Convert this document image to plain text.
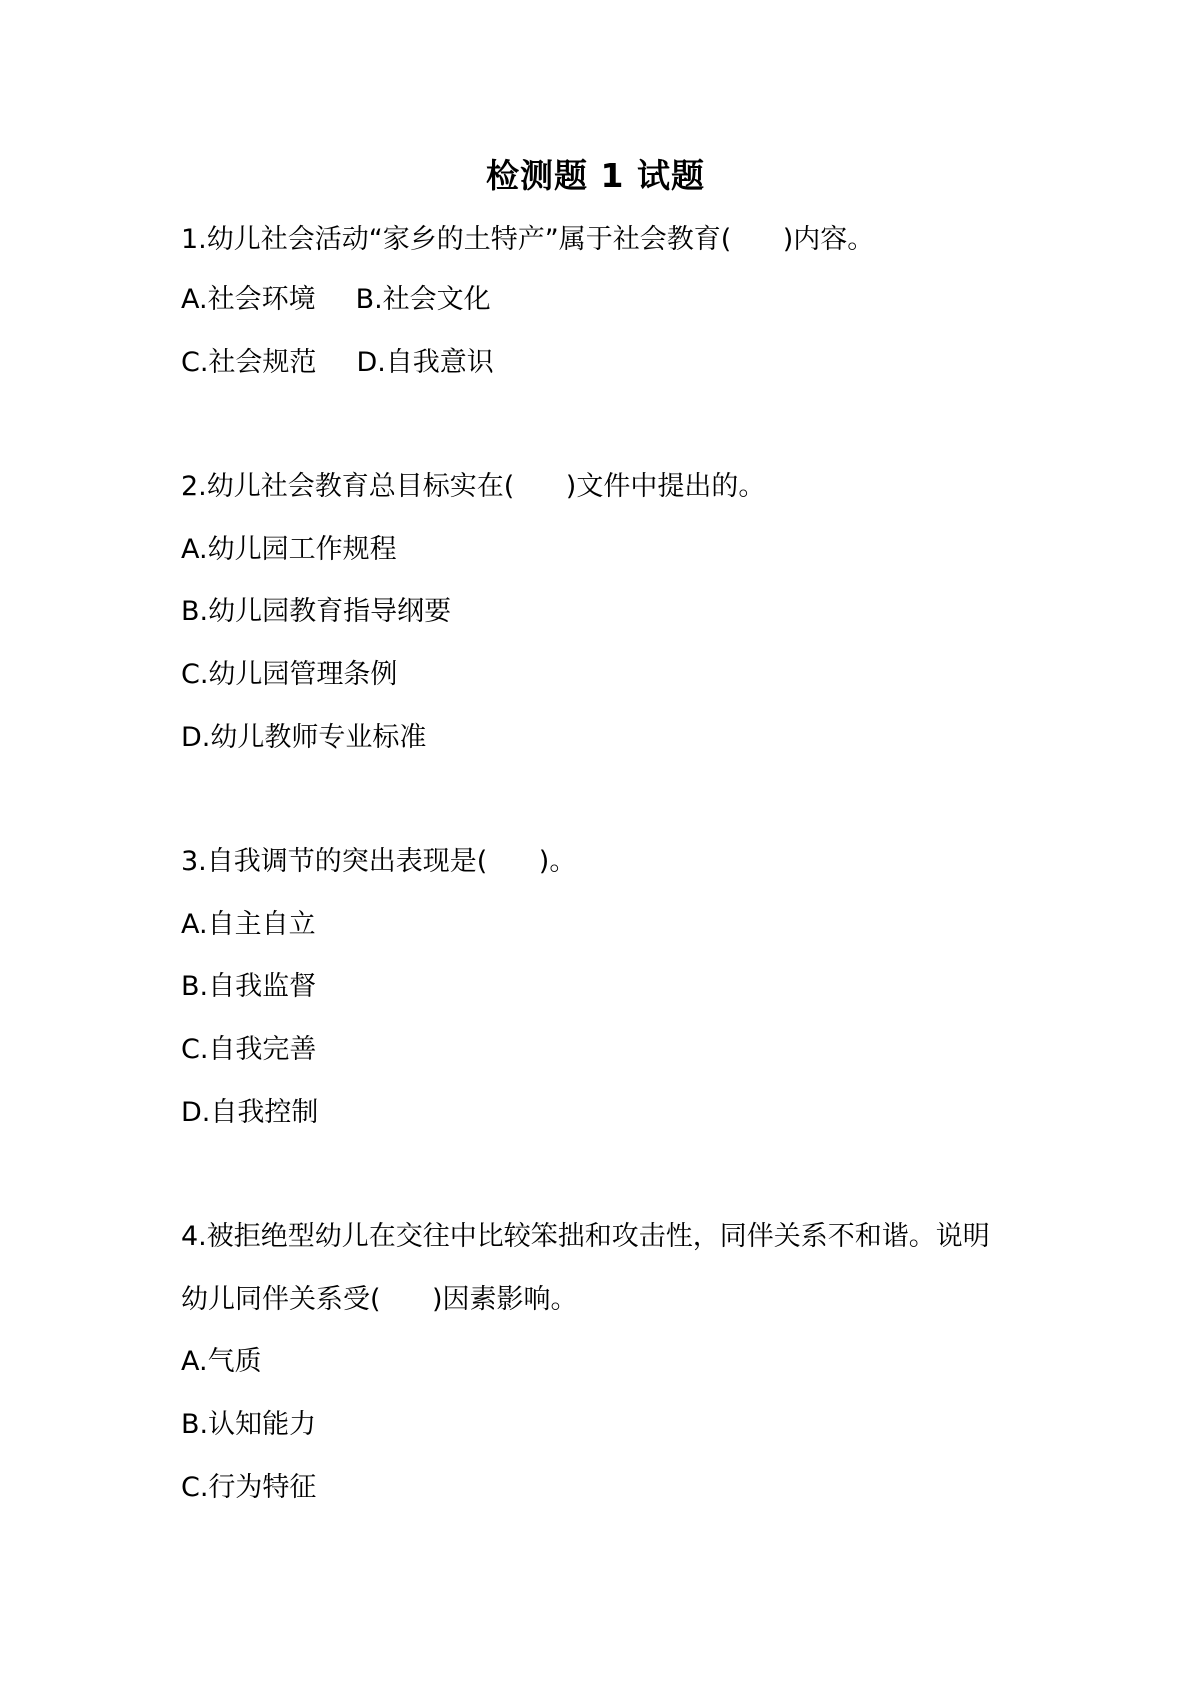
检测题 1 试题
1.幼儿社会活动“家乡的土特产”属于社会教育(      )内容。
A.社会环境 B.社会文化
C.社会规范 D.自我意识
2.幼儿社会教育总目标实在(      )文件中提出的。
A.幼儿园工作规程
B.幼儿园教育指导纲要
C.幼儿园管理条例
D.幼儿教师专业标准
3.自我调节的突出表现是(      )。
A.自主自立
B.自我监督
C.自我完善
D.自我控制
4.被拒绝型幼儿在交往中比较笨拙和攻击性，同伴关系不和谐。说明
幼儿同伴关系受(      )因素影响。
A.气质
B.认知能力
C.行为特征
